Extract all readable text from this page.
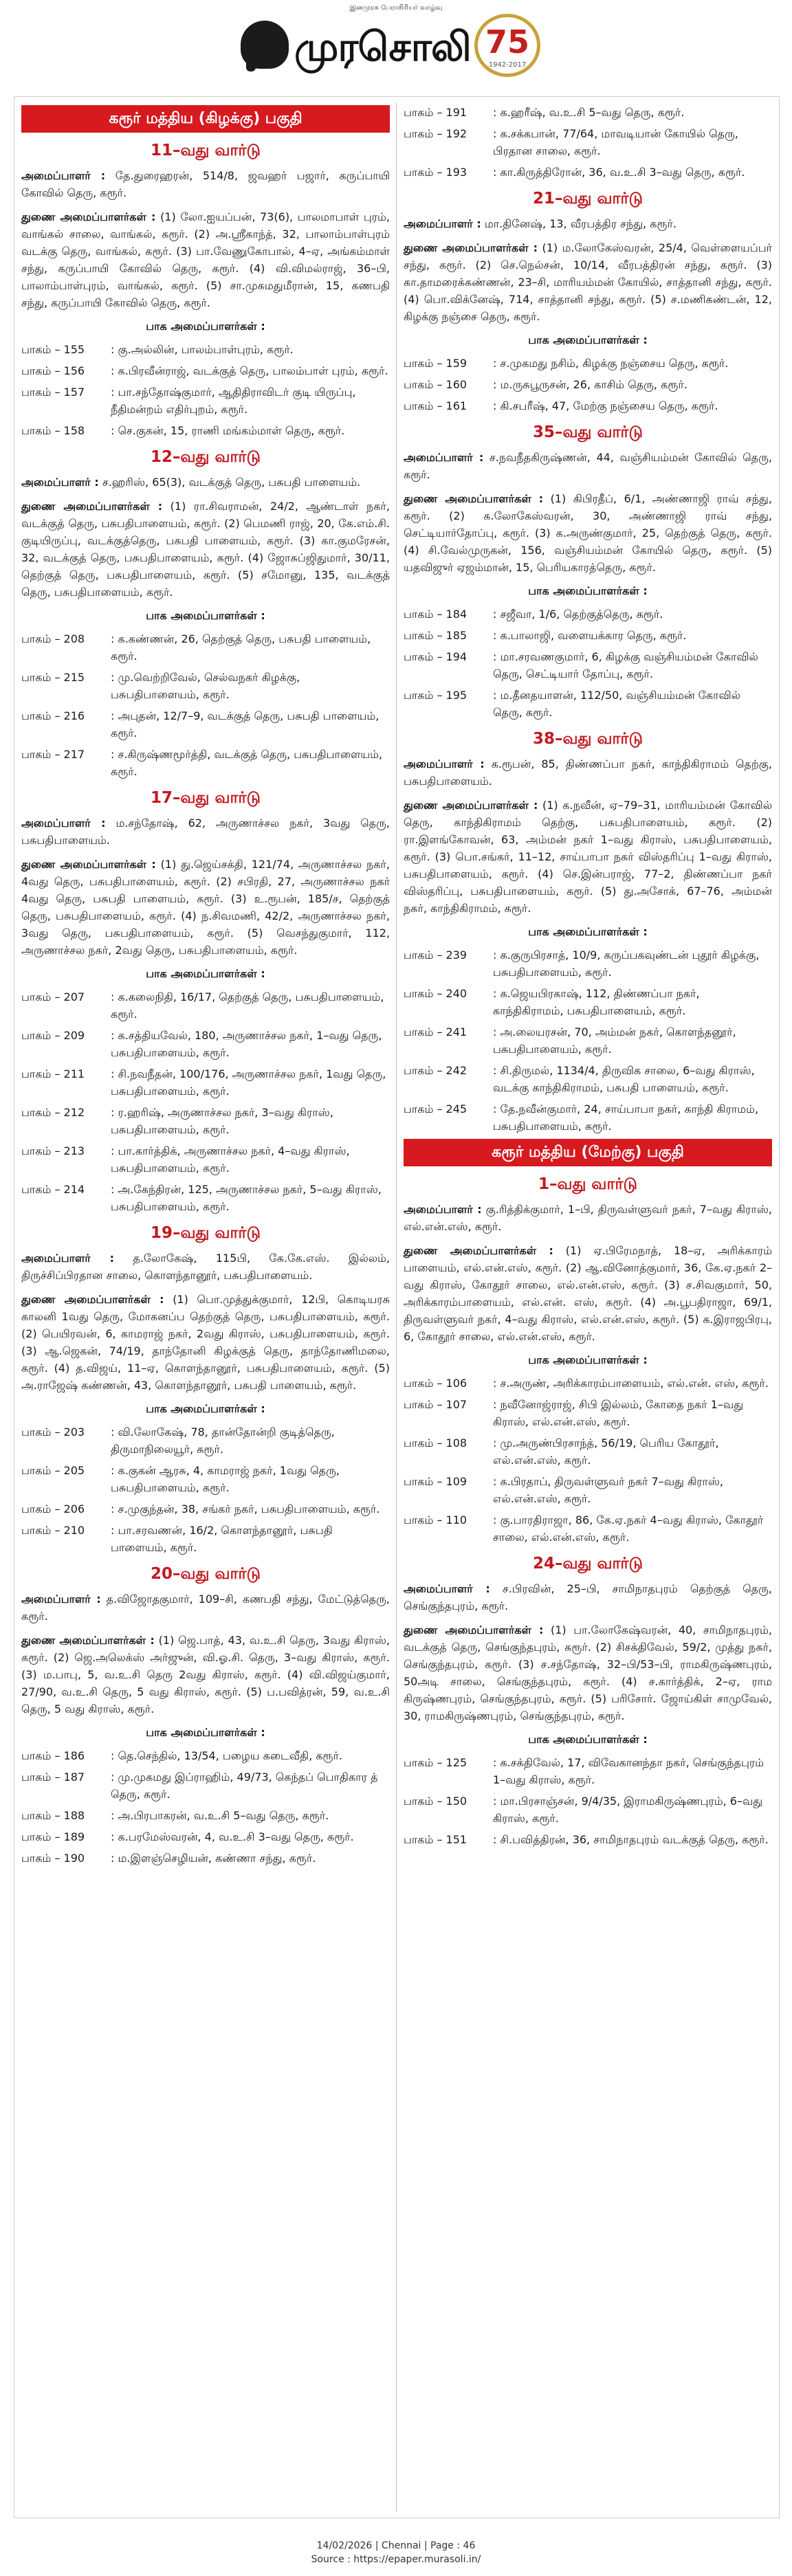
இனமுரசு பேராசிரியர் வாழ்வு
முரசொலி 75
1942-2017
கரூர் மத்திய (கிழக்கு) பகுதி
11–வது வார்டு
அமைப்பாளர் : தே.துரைஹரன், 514/8, ஜவஹர் பஜார், கருப்பாயி கோவில் தெரு, கரூர்.
துணை அமைப்பாளர்கள் : (1) லோ.ஐயப்பன், 73(6), பாலமாபாள் புரம், வாங்கல் சாலை, வாங்கல், கரூர். (2) அ.ஸ்ரீகாந்த், 32, பாலாம்பாள்புரம் வடக்கு தெரு, வாங்கல், கரூர். (3) பா.வேணுகோபால், 4–ஏ, அங்கம்மாள் சந்து, கருப்பாயி கோவில் தெரு, கரூர். (4) வி.விமல்ராஜ், 36–பி, பாலாம்பாள்புரம், வாங்கல், கரூர். (5) சா.முகமதுமீரான், 15, கணபதி சந்து, கருப்பாயி கோவில் தெரு, கரூர்.
பாக அமைப்பாளர்கள் :
பாகம் – 155	: கு.அல்லின், பாலம்பாள்புரம், கரூர்.
பாகம் – 156	: க.பிரவீன்ராஜ், வடக்குத் தெரு, பாலம்பாள் புரம், கரூர்.
பாகம் – 157	: பா.சந்தோஷ்குமார், ஆதிதிராவிடர் குடி யிருப்பு, நீதிமன்றம் எதிர்புறம், கரூர்.
பாகம் – 158	: செ.குகன், 15, ராணி மங்கம்மாள் தெரு, கரூர்.
12–வது வார்டு
அமைப்பாளர் : ச.ஹரிஸ், 65(3), வடக்குத் தெரு, பசுபதி பாளையம்.
துணை அமைப்பாளர்கள் : (1) ரா.சிவராமன், 24/2, ஆண்டாள் நகர், வடக்குத் தெரு, பசுபதிபாளையம், கரூர். (2) பெமணி ராஜ், 20, கே.எம்.சி. குடியிருப்பு, வடக்குத்தெரு, பசுபதி பாளையம், கரூர். (3) கா.குமரேசன், 32, வடக்குத் தெரு, பசுபதிபாளையம், கரூர். (4) ஜோசுப்ஜிதுமார், 30/11, தெற்குத் தெரு, பசுபதிபாளையம், கரூர். (5) சமோனு, 135, வடக்குத் தெரு, பசுபதிபாளையம், கரூர்.
பாக அமைப்பாளர்கள் :
பாகம் – 208	: க.கண்ணன், 26, தெற்குத் தெரு, பசுபதி பாளையம், கரூர்.
பாகம் – 215	: மு.வெற்றிவேல், செல்வநகர் கிழக்கு, பசுபதிபாளையம், கரூர்.
பாகம் – 216	: அபுதன், 12/7–9, வடக்குத் தெரு, பசுபதி பாளையம், கரூர்.
பாகம் – 217	: ச.கிருஷ்ணமூர்த்தி, வடக்குத் தெரு, பசுபதிபாளையம், கரூர்.
17–வது வார்டு
அமைப்பாளர் : ம.சந்தோஷ், 62, அருணாச்சல நகர், 3வது தெரு, பசுபதிபாளையம்.
துணை அமைப்பாளர்கள் : (1) து.ஜெய்சக்தி, 121/74, அருணாச்சல நகர், 4வது தெரு, பசுபதிபாளையம், கரூர். (2) சபிரதி, 27, அருணாச்சல நகர் 4வது தெரு, பசுபதி பாளையம், கரூர். (3) உ.ரூபன், 185/ச, தெற்குத் தெரு, பசுபதிபாளையம், கரூர். (4) ந.சிவமணி, 42/2, அருணாச்சல நகர், 3வது தெரு, பசுபதிபாளையம், கரூர். (5) வெசந்துகுமார், 112, அருணாச்சல நகர், 2வது தெரு, பசுபதிபாளையம், கரூர்.
பாக அமைப்பாளர்கள் :
பாகம் – 207	: க.கலைநிதி, 16/17, தெற்குத் தெரு, பசுபதிபாளையம், கரூர்.
பாகம் – 209	: க.சத்தியவேல், 180, அருணாச்சல நகர், 1–வது தெரு, பசுபதிபாளையம், கரூர்.
பாகம் – 211	: சி.நவநீதன், 100/176, அருணாச்சல நகர், 1வது தெரு, பசுபதிபாளையம், கரூர்.
பாகம் – 212	: ர.ஹரிஷ், அருணாச்சல நகர், 3–வது கிராஸ், பசுபதிபாளையம், கரூர்.
பாகம் – 213	: பா.கார்த்திக், அருணாச்சல நகர், 4–வது கிராஸ், பசுபதிபாளையம், கரூர்.
பாகம் – 214	: அ.கேந்திரன், 125, அருணாச்சல நகர், 5–வது கிராஸ், பசுபதிபாளையம், கரூர்.
19–வது வார்டு
அமைப்பாளர் : த.லோகேஷ், 115பி, கே.கே.எஸ். இல்லம், திருச்சிப்பிரதான சாலை, கொளந்தானூர், பசுபதிபாளையம்.
துணை அமைப்பாளர்கள் : (1) பொ.முத்துக்குமார், 12பி, கொடியரசு காலனி 1வது தெரு, மோகனப்ப தெற்குத் தெரு, பசுபதிபாளையம், கரூர். (2) பெயிரவன், 6, காமராஜ் நகர், 2வது கிராஸ், பசுபதிபாளையம், கரூர். (3) ஆ.ஜெகன், 74/19, தாந்தோனி கிழக்குத் தெரு, தாந்தோணிமலை, கரூர். (4) த.விஜய், 11–ஏ, கொளந்தானூர், பசுபதிபாளையம், கரூர். (5) அ.ராஜேஷ் கண்ணன், 43, கொளந்தானூர், பசுபதி பாளையம், கரூர்.
பாக அமைப்பாளர்கள் :
பாகம் – 203	: வி.லோகேஷ், 78, தான்தோன்றி குடித்தெரு, திருமாநிலையூர், கரூர்.
பாகம் – 205	: க.குகன் ஆரசு, 4, காமராஜ் நகர், 1வது தெரு, பசுபதிபாளையம், கரூர்.
பாகம் – 206	: ச.முகுந்தன், 38, சங்கர் நகர், பசுபதிபாளையம், கரூர்.
பாகம் – 210	: பா.சரவணன், 16/2, கொளந்தானூர், பசுபதி பாளையம், கரூர்.
20–வது வார்டு
அமைப்பாளர் : த.விஜோதகுமார், 109–சி, கணபதி சந்து, மேட்டுத்தெரு, கரூர்.
துணை அமைப்பாளர்கள் : (1) ஜெ.பாத், 43, வ.உ.சி தெரு, 3வது கிராஸ், கரூர். (2) ஜெ.அலெக்ஸ் அர்ஜுன், வி.ஓ.சி. தெரு, 3–வது கிராஸ், கரூர். (3) ம.பாபு, 5, வ.உ.சி தெரு 2வது கிராஸ், கரூர். (4) வி.விஜய்குமார், 27/90, வ.உ.சி தெரு, 5 வது கிராஸ், கரூர். (5) ப.பவித்ரன், 59, வ.உ.சி தெரு, 5 வது கிராஸ், கரூர்.
பாக அமைப்பாளர்கள் :
பாகம் – 186	: தெ.செந்தில், 13/54, பழைய கடைவீதி, கரூர்.
பாகம் – 187	: மு.முகமது இப்ராஹிம், 49/73, கெந்தப் பொதிகார த் தெரு, கரூர்.
பாகம் – 188	: அ.பிரபாகரன், வ.உ.சி 5–வது தெரு, கரூர்.
பாகம் – 189	: க.பரமேஸ்வரன், 4, வ.உ.சி 3–வது தெரு, கரூர்.
பாகம் – 190	: ம.இளஞ்செழியன், கண்ணா சந்து, கரூர்.
பாகம் – 191	: க.ஹரீஷ், வ.உ.சி 5–வது தெரு, கரூர்.
பாகம் – 192	: க.சக்கபான், 77/64, மாவடியான் கோயில் தெரு, பிரதான சாலை, கரூர்.
பாகம் – 193	: கா.கிருத்திரோன், 36, வ.உ.சி 3–வது தெரு, கரூர்.
21–வது வார்டு
அமைப்பாளர் : மா.தினேஷ், 13, வீரபத்திர சந்து, கரூர்.
துணை அமைப்பாளர்கள் : (1) ம.லோகேஸ்வரன், 25/4, வெள்ளையப்பர் சந்து, கரூர். (2) செ.நெல்சன், 10/14, வீரபத்திரன் சந்து, கரூர். (3) கா.தாமரைக்கண்ணன், 23–சி, மாரியம்மன் கோயில், சாத்தானி சந்து, கரூர். (4) பொ.விக்னேஷ், 714, சாத்தானி சந்து, கரூர். (5) ச.மணிகண்டன், 12, கிழக்கு நஞ்சை தெரு, கரூர்.
பாக அமைப்பாளர்கள் :
பாகம் – 159	: ச.முகமது நசிம், கிழக்கு நஞ்சைய தெரு, கரூர்.
பாகம் – 160	: ம.ருசுபூருசன், 26, காசிம் தெரு, கரூர்.
பாகம் – 161	: கி.சபரீஷ், 47, மேற்கு நஞ்சைய தெரு, கரூர்.
35–வது வார்டு
அமைப்பாளர் : ச.நவநீதகிருஷ்ணன், 44, வஞ்சியம்மன் கோவில் தெரு, கரூர்.
துணை அமைப்பாளர்கள் : (1) கிபிரதீப், 6/1, அண்ணாஜி ராவ் சந்து, கரூர். (2) க.லோகேஸ்வரன், 30, அண்ணாஜி ராவ் சந்து, செட்டியார்தோப்பு, கரூர். (3) க.அருண்குமார், 25, தெற்குத் தெரு, கரூர். (4) சி.வேல்முருகன், 156, வஞ்சியம்மன் கோயில் தெரு, கரூர். (5) யதவிஜுர் ஏஜம்மான், 15, பெரியகாரத்தெரு, கரூர்.
பாக அமைப்பாளர்கள் :
பாகம் – 184	: சஜீவா, 1/6, தெற்குத்தெரு, கரூர்.
பாகம் – 185	: க.பாலாஜி, வளையக்கார தெரு, கரூர்.
பாகம் – 194	: மா.சரவணகுமார், 6, கிழக்கு வஞ்சியம்மன் கோவில் தெரு, செட்டியார் தோப்பு, கரூர்.
பாகம் – 195	: ம.தீனதயாளன், 112/50, வஞ்சியம்மன் கோவில் தெரு, கரூர்.
38–வது வார்டு
அமைப்பாளர் : க.ரூபன், 85, திண்ணப்பா நகர், காந்திகிராமம் தெற்கு, பசுபதிபாளையம்.
துணை அமைப்பாளர்கள் : (1) க.நவீன், ஏ–79–31, மாரியம்மன் கோவில் தெரு, காந்திகிராமம் தெற்கு, பசுபதிபாளையம், கரூர். (2) ரா.இளங்கோவன், 63, அம்மன் நகர் 1–வது கிராஸ், பசுபதிபாளையம், கரூர். (3) பொ.சங்கர், 11–12, சாய்பாபா நகர் விஸ்தரிப்பு 1–வது கிராஸ், பசுபதிபாளையம், கரூர். (4) செ.இன்பராஜ், 77–2, திண்ணப்பா நகர் விஸ்தரிப்பு, பசுபதிபாளையம், கரூர். (5) து.அசோக், 67–76, அம்மன் நகர், காந்திகிராமம், கரூர்.
பாக அமைப்பாளர்கள் :
பாகம் – 239	: க.குருபிரசாத், 10/9, கருப்பகவுண்டன் புதூர் கிழக்கு, பசுபதிபாளையம், கரூர்.
பாகம் – 240	: க.ஜெயபிரகாஷ், 112, திண்ணப்பா நகர், காந்திகிராமம், பசுபதிபாளையம், கரூர்.
பாகம் – 241	: அ.லையரசன், 70, அம்மன் நகர், கொளந்தனூர், பசுபதிபாளையம், கரூர்.
பாகம் – 242	: சி.திருமல், 1134/4, திருவிக சாலை, 6–வது கிராஸ், வடக்கு காந்திகிராமம், பசுபதி பாளையம், கரூர்.
பாகம் – 245	: தே.நவீன்குமார், 24, சாய்பாபா நகர், காந்தி கிராமம், பசுபதிபாளையம், கரூர்.
கரூர் மத்திய (மேற்கு) பகுதி
1–வது வார்டு
அமைப்பாளர் : கு.ரித்திக்குமார், 1–பி, திருவள்ளுவர் நகர், 7–வது கிராஸ், எல்.என்.எஸ், கரூர்.
துணை அமைப்பாளர்கள் : (1) ஏ.பிரேமநாத், 18–ஏ, அரிக்காரம் பாளையம், எல்.என்.எஸ், கரூர். (2) ஆ.வினோத்குமார், 36, கே.ஏ.நகர் 2–வது கிராஸ், கோதூர் சாலை, எல்.என்.எஸ், கரூர். (3) ச.சிவகுமார், 50, அரிக்காரம்பாளையம், எல்.என். எஸ், கரூர். (4) அ.பூபதிராஜா, 69/1, திருவள்ளுவர் நகர், 4–வது கிராஸ், எல்.என்.எஸ், கரூர். (5) க.இராஜபிரபு, 6, கோதூர் சாலை, எல்.என்.எஸ், கரூர்.
பாக அமைப்பாளர்கள் :
பாகம் – 106	: ச.அருண், அரிக்காரம்பாளையம், எல்.என். எஸ், கரூர்.
பாகம் – 107	: நவீனோஜ்ராஜ், சிபி இல்லம், கோதை நகர் 1–வது கிராஸ், எல்.என்.எஸ், கரூர்.
பாகம் – 108	: மு.அருண்பிரசாந்த், 56/19, பெரிய கோதூர், எல்.என்.எஸ், கரூர்.
பாகம் – 109	: க.பிரதாப், திருவள்ளுவர் நகர் 7–வது கிராஸ், எல்.என்.எஸ், கரூர்.
பாகம் – 110	: கு.பாரதிராஜா, 86, கே.ஏ.நகர் 4–வது கிராஸ், கோதூர் சாலை, எல்.என்.எஸ், கரூர்.
24–வது வார்டு
அமைப்பாளர் : ச.பிரவின், 25–பி, சாமிநாதபுரம் தெற்குத் தெரு, செங்குந்தபுரம், கரூர்.
துணை அமைப்பாளர்கள் : (1) பா.லோகேஷ்வரன், 40, சாமிநாதபுரம், வடக்குத் தெரு, செங்குந்தபுரம், கரூர். (2) சிசக்திவேல், 59/2, முத்து நகர், செங்குந்தபுரம், கரூர். (3) ச.சந்தோஷ், 32–பி/53–பி, ராமகிருஷ்ணபுரம், 50அடி சாலை, செங்குந்தபுரம், கரூர். (4) ச.கார்த்திக், 2–ஏ, ராம கிருஷ்ணபுரம், செங்குந்தபுரம், கரூர். (5) பரிசோர். ஜோய்கிள் சாமுவேல், 30, ராமகிருஷ்ணபுரம், செங்குந்தபுரம், கரூர்.
பாக அமைப்பாளர்கள் :
பாகம் – 125	: க.சக்திவேல், 17, விவேகானந்தா நகர், செங்குந்தபுரம் 1–வது கிராஸ், கரூர்.
பாகம் – 150	: மா.பிரசாஞ்சன், 9/4/35, இராமகிருஷ்ணபுரம், 6–வது கிராஸ், கரூர்.
பாகம் – 151	: சி.பவித்திரன், 36, சாமிநாதபுரம் வடக்குத் தெரு, கரூர்.
14/02/2026 | Chennai | Page : 46
Source : https://epaper.murasoli.in/
